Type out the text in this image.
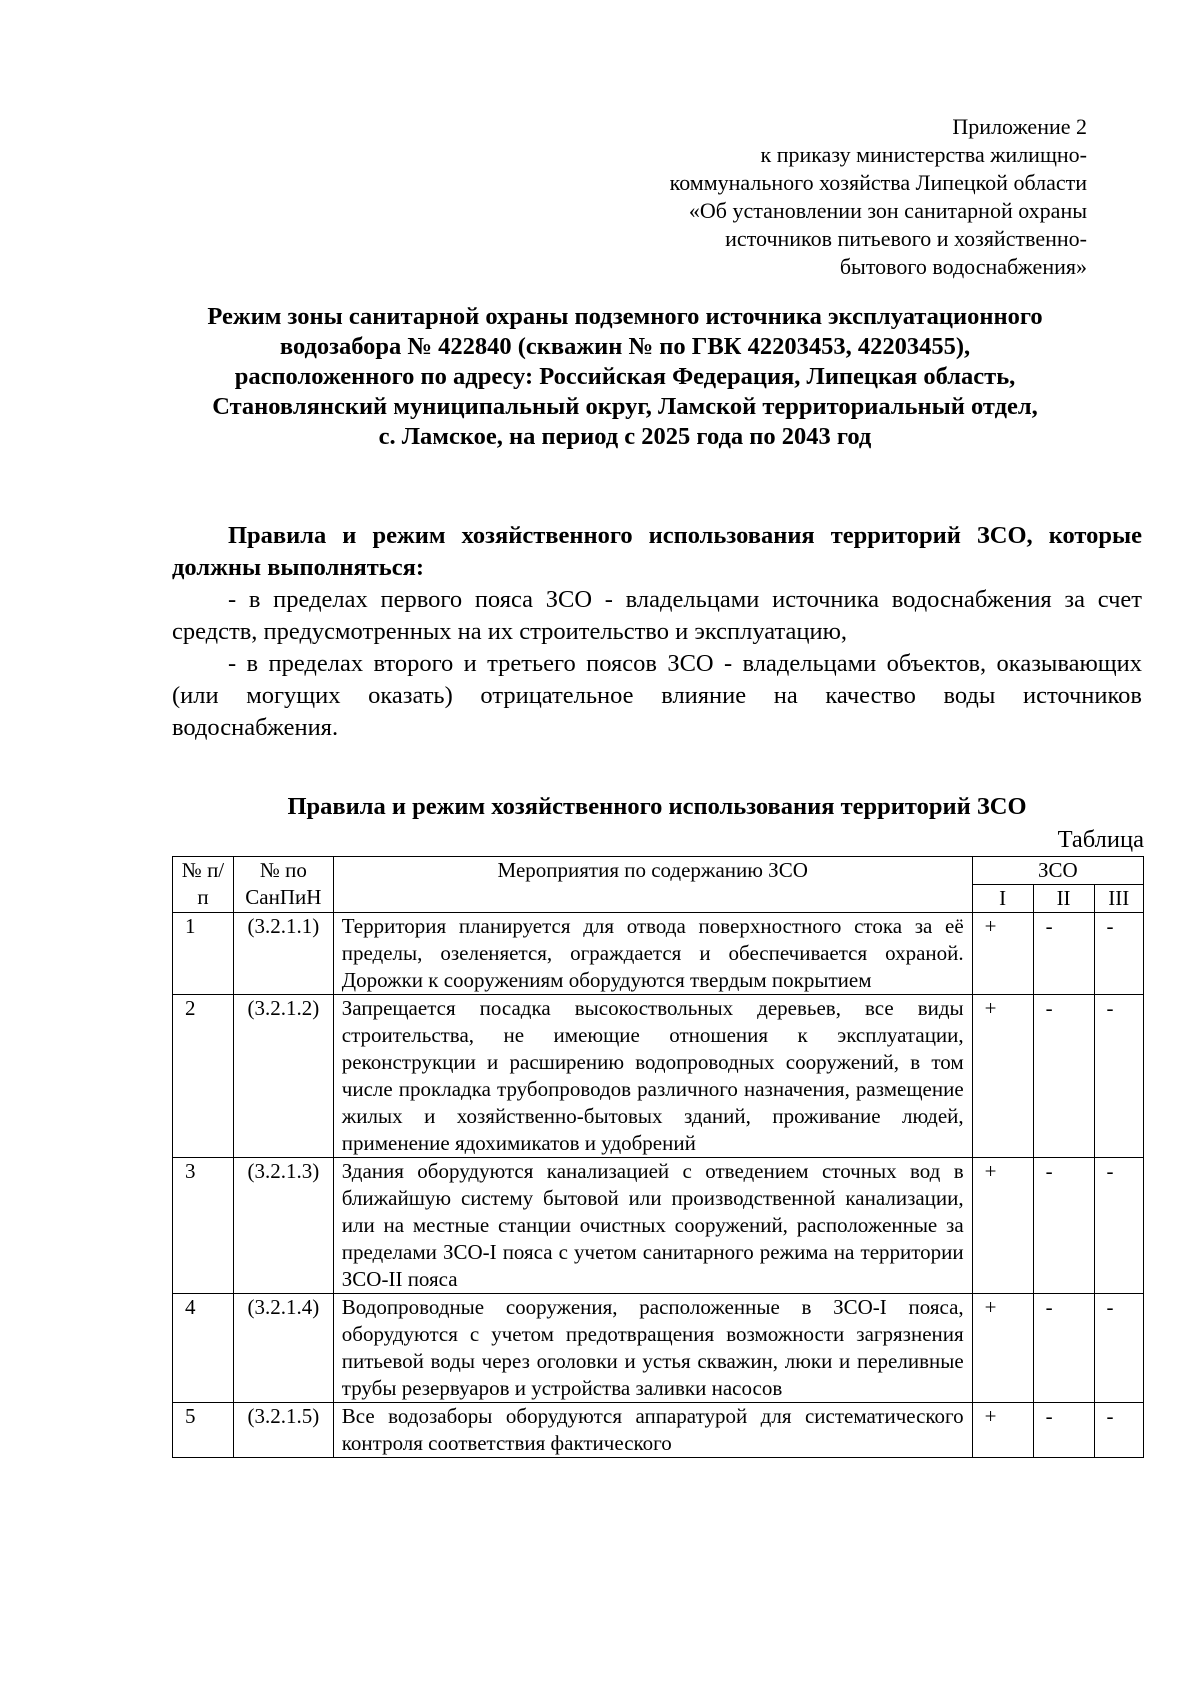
Приложение 2
к приказу министерства жилищно-
коммунального хозяйства Липецкой области
«Об установлении зон санитарной охраны
источников питьевого и хозяйственно-
бытового водоснабжения»
Режим зоны санитарной охраны подземного источника эксплуатационного
водозабора № 422840 (скважин № по ГВК 42203453, 42203455),
расположенного по адресу: Российская Федерация, Липецкая область,
Становлянский муниципальный округ, Ламской территориальный отдел,
с. Ламское, на период с 2025 года по 2043 год

Правила и режим хозяйственного использования территорий ЗСО, которые должны выполняться:

- в пределах первого пояса ЗСО - владельцами источника водоснабжения за счет средств, предусмотренных на их строительство и эксплуатацию,

- в пределах второго и третьего поясов ЗСО - владельцами объектов, оказывающих (или могущих оказать) отрицательное влияние на качество воды источников водоснабжения.

Правила и режим хозяйственного использования территорий ЗСО
Таблица
№ п/п	№ по СанПиН	Мероприятия по содержанию ЗСО	ЗСО		
			I	II	III
1	(3.2.1.1)	Территория планируется для отвода поверхностного стока за её пределы, озеленяется, ограждается и обеспечивается охраной. Дорожки к сооружениям оборудуются твердым покрытием	+	-	-

2	(3.2.1.2)	Запрещается посадка высокоствольных деревьев, все виды строительства, не имеющие отношения к эксплуатации, реконструкции и расширению водопроводных сооружений, в том числе прокладка трубопроводов различного назначения, размещение жилых и хозяйственно-бытовых зданий, проживание людей, применение ядохимикатов и удобрений	+	-	-

3	(3.2.1.3)	Здания оборудуются канализацией с отведением сточных вод в ближайшую систему бытовой или производственной канализации, или на местные станции очистных сооружений, расположенные за пределами ЗСО-I пояса с учетом санитарного режима на территории ЗСО-II пояса	+	-	-

4	(3.2.1.4)	Водопроводные сооружения, расположенные в ЗСО-I пояса, оборудуются с учетом предотвращения возможности загрязнения питьевой воды через оголовки и устья скважин, люки и переливные трубы резервуаров и устройства заливки насосов	+	-	-

5	(3.2.1.5)	Все водозаборы оборудуются аппаратурой для систематического контроля соответствия фактического	+	-	-
